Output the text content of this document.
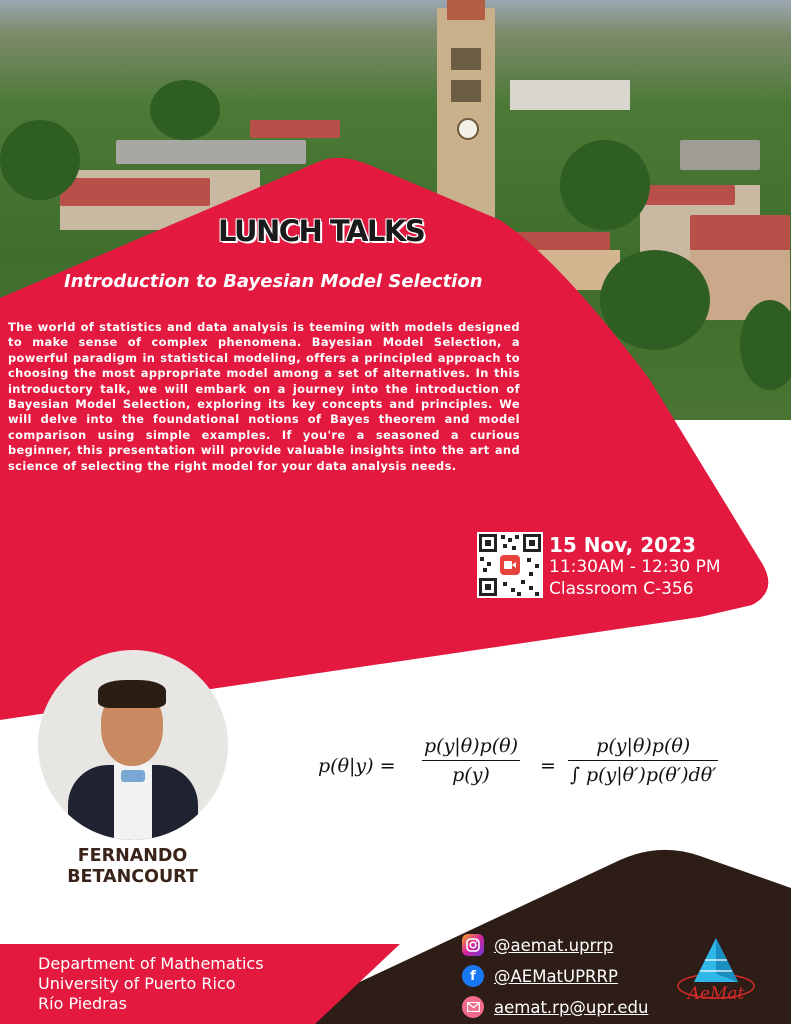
LUNCH TALKS
Introduction to Bayesian Model Selection
The world of statistics and data analysis is teeming with models designed to make sense of complex phenomena. Bayesian Model Selection, a powerful paradigm in statistical modeling, offers a principled approach to choosing the most appropriate model among a set of alternatives. In this introductory talk, we will embark on a journey into the introduction of Bayesian Model Selection, exploring its key concepts and principles. We will delve into the foundational notions of Bayes theorem and model comparison using simple examples. If you're a seasoned a curious beginner, this presentation will provide valuable insights into the art and science of selecting the right model for your data analysis needs.
15 Nov, 2023
11:30AM - 12:30 PM
Classroom C-356
FERNANDO
BETANCOURT
$p(\theta|y) = \frac{p(y|\theta)p(\theta)}{p(y)} = \frac{p(y|\theta)p(\theta)}{\int p(y|\theta')p(\theta')d\theta'}$
Department of Mathematics
University of Puerto Rico
Río Piedras
@aemat.uprrp
f	@AEMatUPRRP
aemat.rp@upr.edu
AeMat
